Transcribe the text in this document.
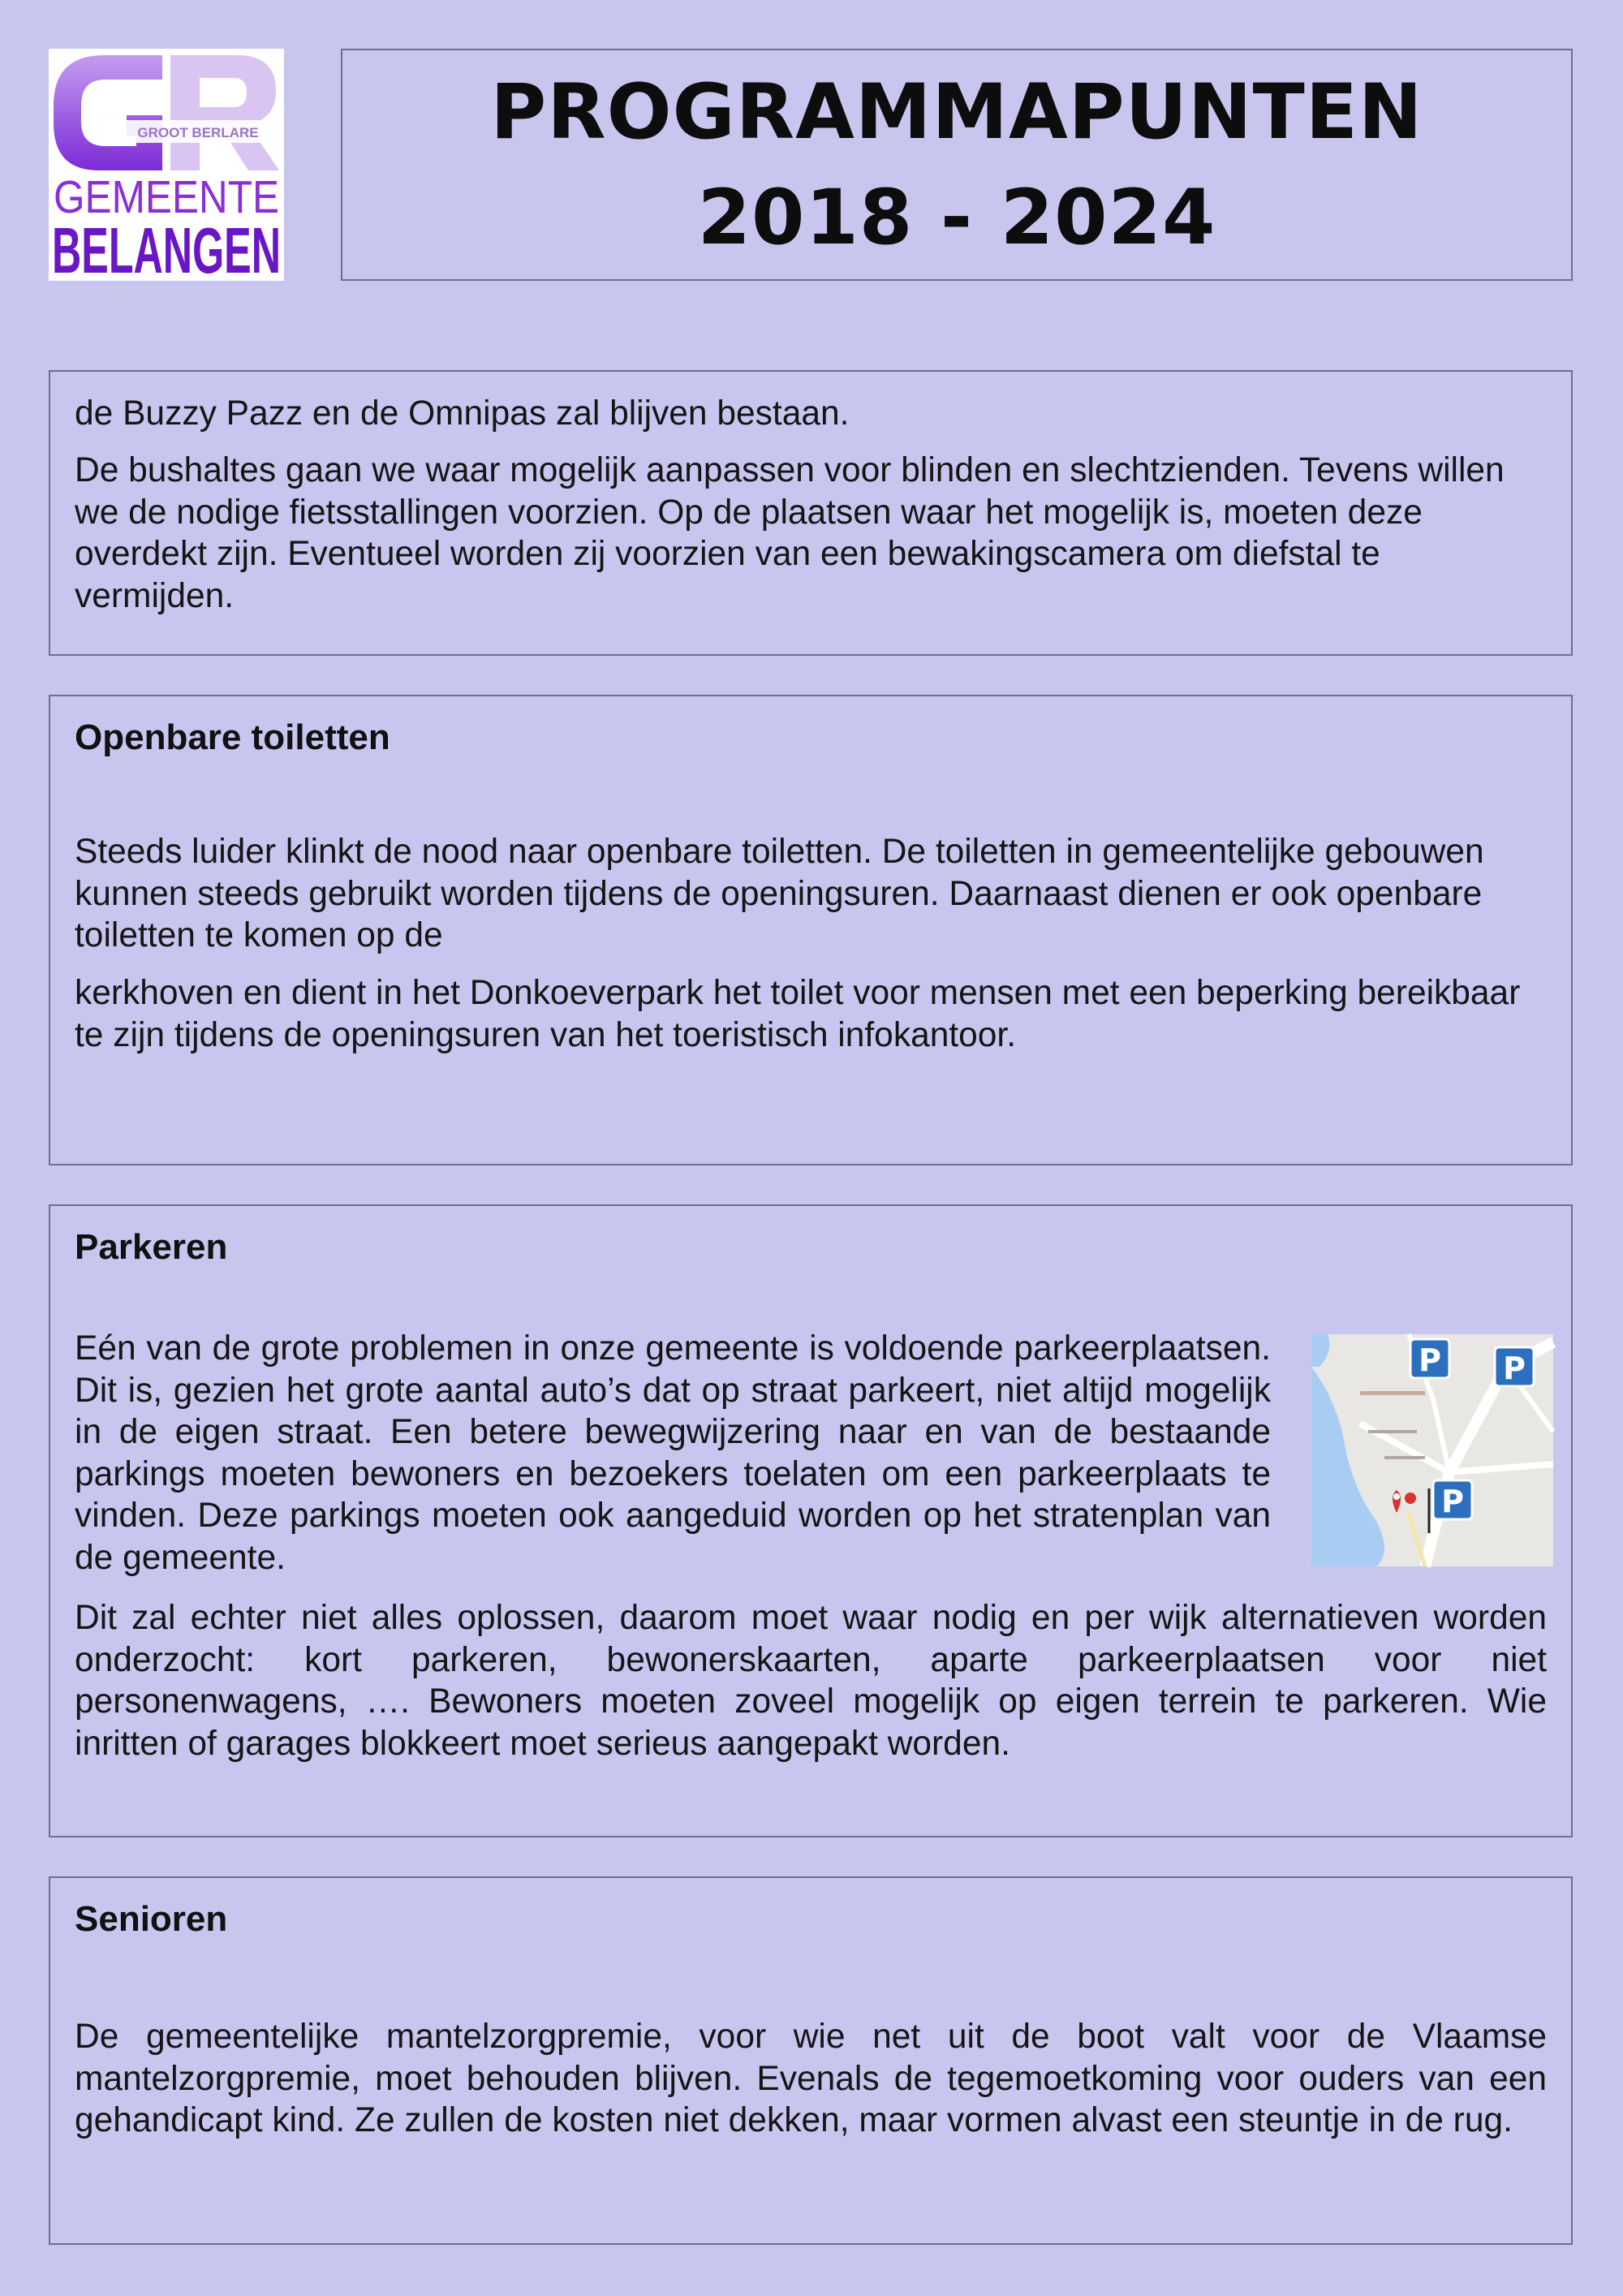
GROOT BERLARE
GEMEENTE
BELANGEN
PROGRAMMAPUNTEN
2018 - 2024
de Buzzy Pazz en de Omnipas zal blijven bestaan.
De bushaltes gaan we waar mogelijk aanpassen voor blinden en slechtzienden. Tevens willen we de nodige fietsstallingen voorzien. Op de plaatsen waar het mogelijk is, moeten deze overdekt zijn. Eventueel worden zij voorzien van een bewakingscamera om diefstal te vermijden.
Openbare toiletten
Steeds luider klinkt de nood naar openbare toiletten. De toiletten in gemeentelijke gebouwen kunnen steeds gebruikt worden tijdens de openingsuren. Daarnaast dienen er ook openbare toiletten te komen op de
kerkhoven en dient in het Donkoeverpark het toilet voor mensen met een beperking bereikbaar te zijn tijdens de openingsuren van het toeristisch infokantoor.
Parkeren
Eén van de grote problemen in onze gemeente is voldoende parkeerplaatsen. Dit is, gezien het grote aantal auto’s dat op straat parkeert, niet altijd mogelijk in de eigen straat. Een betere bewegwijzering naar en van de bestaande parkings moeten bewoners en bezoekers toelaten om een parkeerplaats te vinden. Deze parkings moeten ook aangeduid worden op het stratenplan van de gemeente.
P P
P
Dit zal echter niet alles oplossen, daarom moet waar nodig en per wijk alternatieven worden onderzocht: kort parkeren, bewonerskaarten, aparte parkeerplaatsen voor niet personenwagens, …. Bewoners moeten zoveel mogelijk op eigen terrein te parkeren. Wie inritten of garages blokkeert moet serieus aangepakt worden.
Senioren
De gemeentelijke mantelzorgpremie, voor wie net uit de boot valt voor de Vlaamse mantelzorgpremie, moet behouden blijven. Evenals de tegemoetkoming voor ouders van een gehandicapt kind. Ze zullen de kosten niet dekken, maar vormen alvast een steuntje in de rug.
